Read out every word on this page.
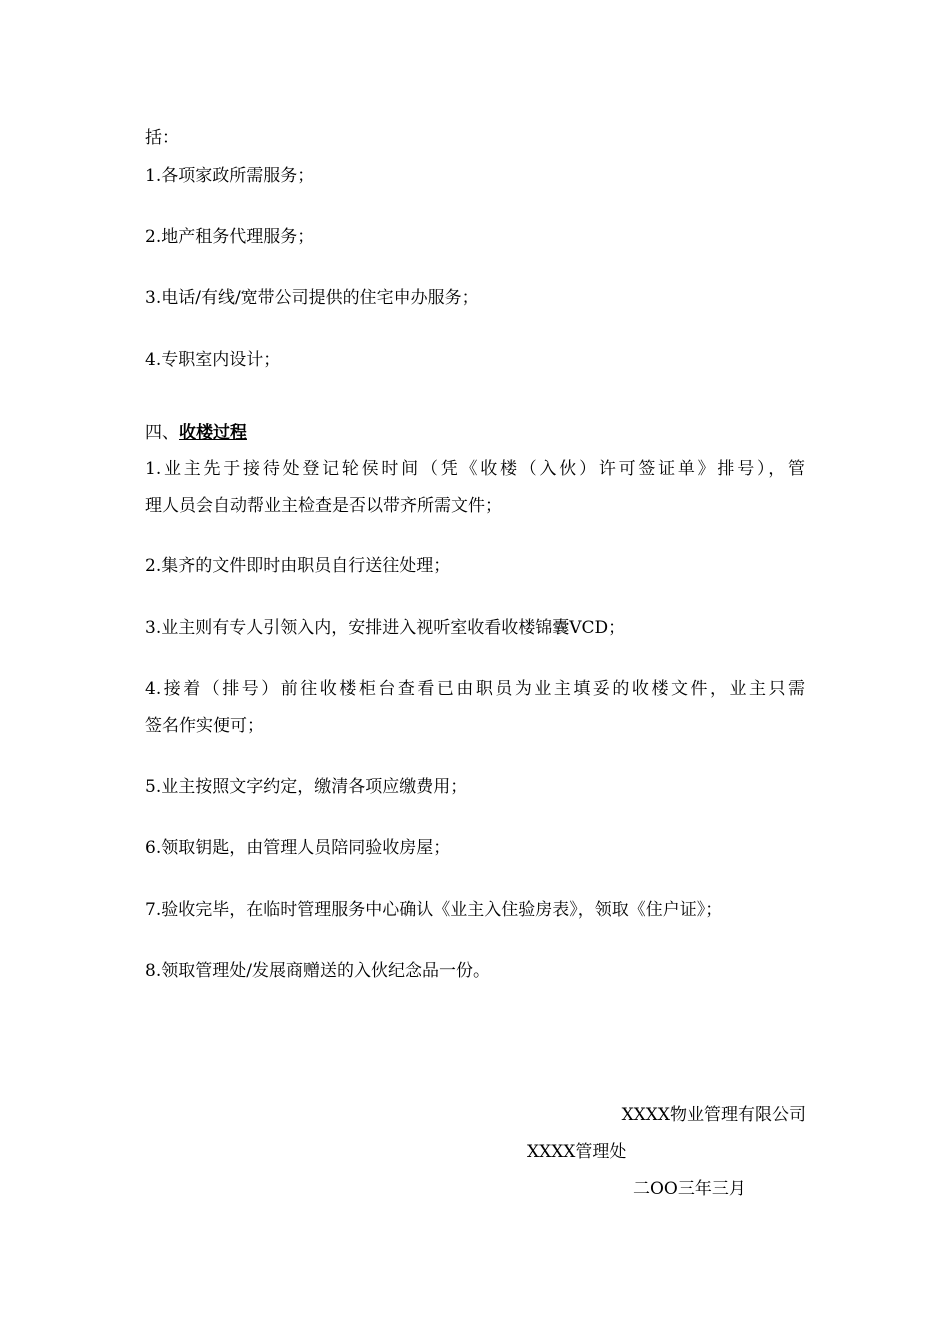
括：
1.各项家政所需服务；
2.地产租务代理服务；
3.电话/有线/宽带公司提供的住宅申办服务；
4.专职室内设计；
四、收楼过程
1.业主先于接待处登记轮侯时间（凭《收楼（入伙）许可签证单》排号），管
理人员会自动帮业主检查是否以带齐所需文件；
2.集齐的文件即时由职员自行送往处理；
3.业主则有专人引领入内，安排进入视听室收看收楼锦囊VCD；
4.接着（排号）前往收楼柜台查看已由职员为业主填妥的收楼文件，业主只需
签名作实便可；
5.业主按照文字约定，缴清各项应缴费用；
6.领取钥匙，由管理人员陪同验收房屋；
7.验收完毕，在临时管理服务中心确认《业主入住验房表》，领取《住户证》；
8.领取管理处/发展商赠送的入伙纪念品一份。
XXXX物业管理有限公司
XXXX管理处
二OO三年三月
